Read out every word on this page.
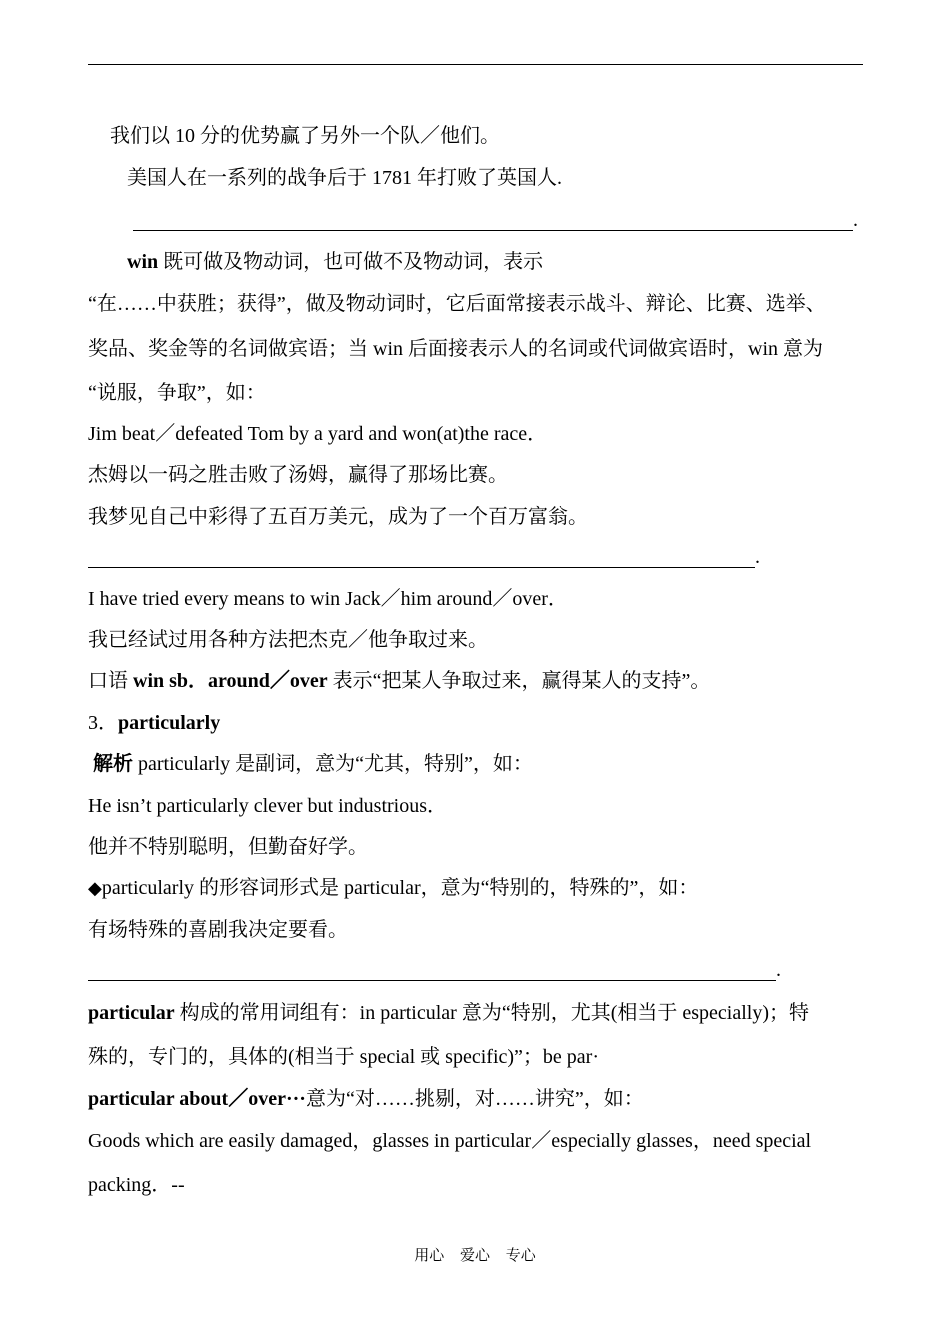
我们以 10 分的优势赢了另外一个队／他们。
美国人在一系列的战争后于 1781 年打败了英国人.
.
win 既可做及物动词，也可做不及物动词，表示
“在……中获胜；获得”，做及物动词时，它后面常接表示战斗、辩论、比赛、选举、
奖品、奖金等的名词做宾语；当 win 后面接表示人的名词或代词做宾语时，win 意为
“说服，争取”，如：
Jim beat／defeated Tom by a yard and won(at)the race．
杰姆以一码之胜击败了汤姆，赢得了那场比赛。
我梦见自己中彩得了五百万美元，成为了一个百万富翁。
.
I have tried every means to win Jack／him around／over．
我已经试过用各种方法把杰克／他争取过来。
口语 win sb．around／over 表示“把某人争取过来，赢得某人的支持”。
3．particularly
解析 particularly 是副词，意为“尤其，特别”，如：
He isn’t particularly clever but industrious．
他并不特别聪明，但勤奋好学。
◆particularly 的形容词形式是 particular，意为“特别的，特殊的”，如：
有场特殊的喜剧我决定要看。
.
particular 构成的常用词组有：in particular 意为“特别，尤其(相当于 especially)；特
殊的，专门的，具体的(相当于 special 或 specific)”；be par·
particular about／over···意为“对……挑剔，对……讲究”，如：
Goods which are easily damaged，glasses in particular／especially glasses，need special
packing．--
用心 爱心 专心
